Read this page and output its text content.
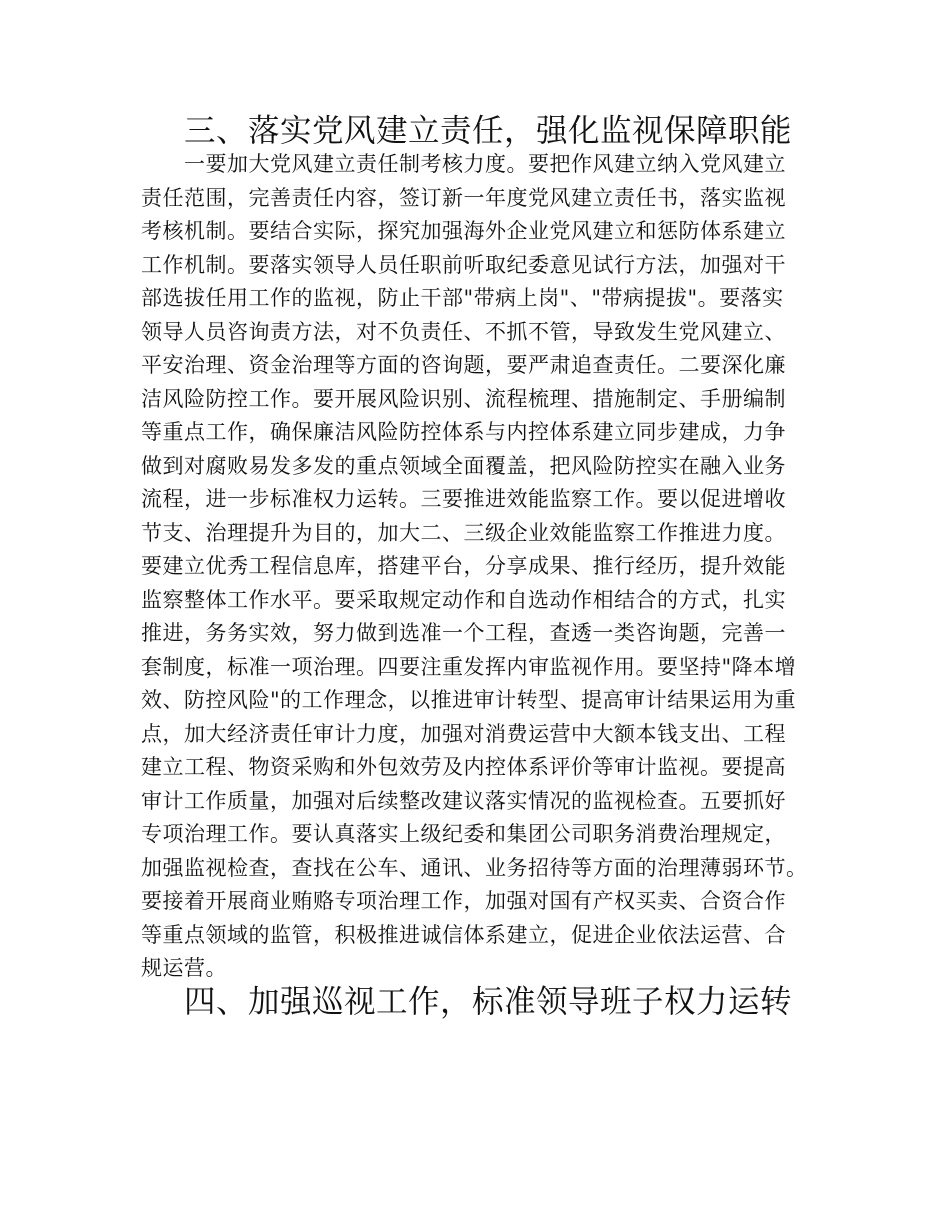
三、落实党风建立责任，强化监视保障职能
一要加大党风建立责任制考核力度。要把作风建立纳入党风建立
责任范围，完善责任内容，签订新一年度党风建立责任书，落实监视
考核机制。要结合实际，探究加强海外企业党风建立和惩防体系建立
工作机制。要落实领导人员任职前听取纪委意见试行方法，加强对干
部选拔任用工作的监视，防止干部"带病上岗"、"带病提拔"。要落实
领导人员咨询责方法，对不负责任、不抓不管，导致发生党风建立、
平安治理、资金治理等方面的咨询题，要严肃追查责任。二要深化廉
洁风险防控工作。要开展风险识别、流程梳理、措施制定、手册编制
等重点工作，确保廉洁风险防控体系与内控体系建立同步建成，力争
做到对腐败易发多发的重点领域全面覆盖，把风险防控实在融入业务
流程，进一步标准权力运转。三要推进效能监察工作。要以促进增收
节支、治理提升为目的，加大二、三级企业效能监察工作推进力度。
要建立优秀工程信息库，搭建平台，分享成果、推行经历，提升效能
监察整体工作水平。要采取规定动作和自选动作相结合的方式，扎实
推进，务务实效，努力做到选准一个工程，查透一类咨询题，完善一
套制度，标准一项治理。四要注重发挥内审监视作用。要坚持"降本增
效、防控风险"的工作理念，以推进审计转型、提高审计结果运用为重
点，加大经济责任审计力度，加强对消费运营中大额本钱支出、工程
建立工程、物资采购和外包效劳及内控体系评价等审计监视。要提高
审计工作质量，加强对后续整改建议落实情况的监视检查。五要抓好
专项治理工作。要认真落实上级纪委和集团公司职务消费治理规定，
加强监视检查，查找在公车、通讯、业务招待等方面的治理薄弱环节。
要接着开展商业贿赂专项治理工作，加强对国有产权买卖、合资合作
等重点领域的监管，积极推进诚信体系建立，促进企业依法运营、合
规运营。
四、加强巡视工作，标准领导班子权力运转
